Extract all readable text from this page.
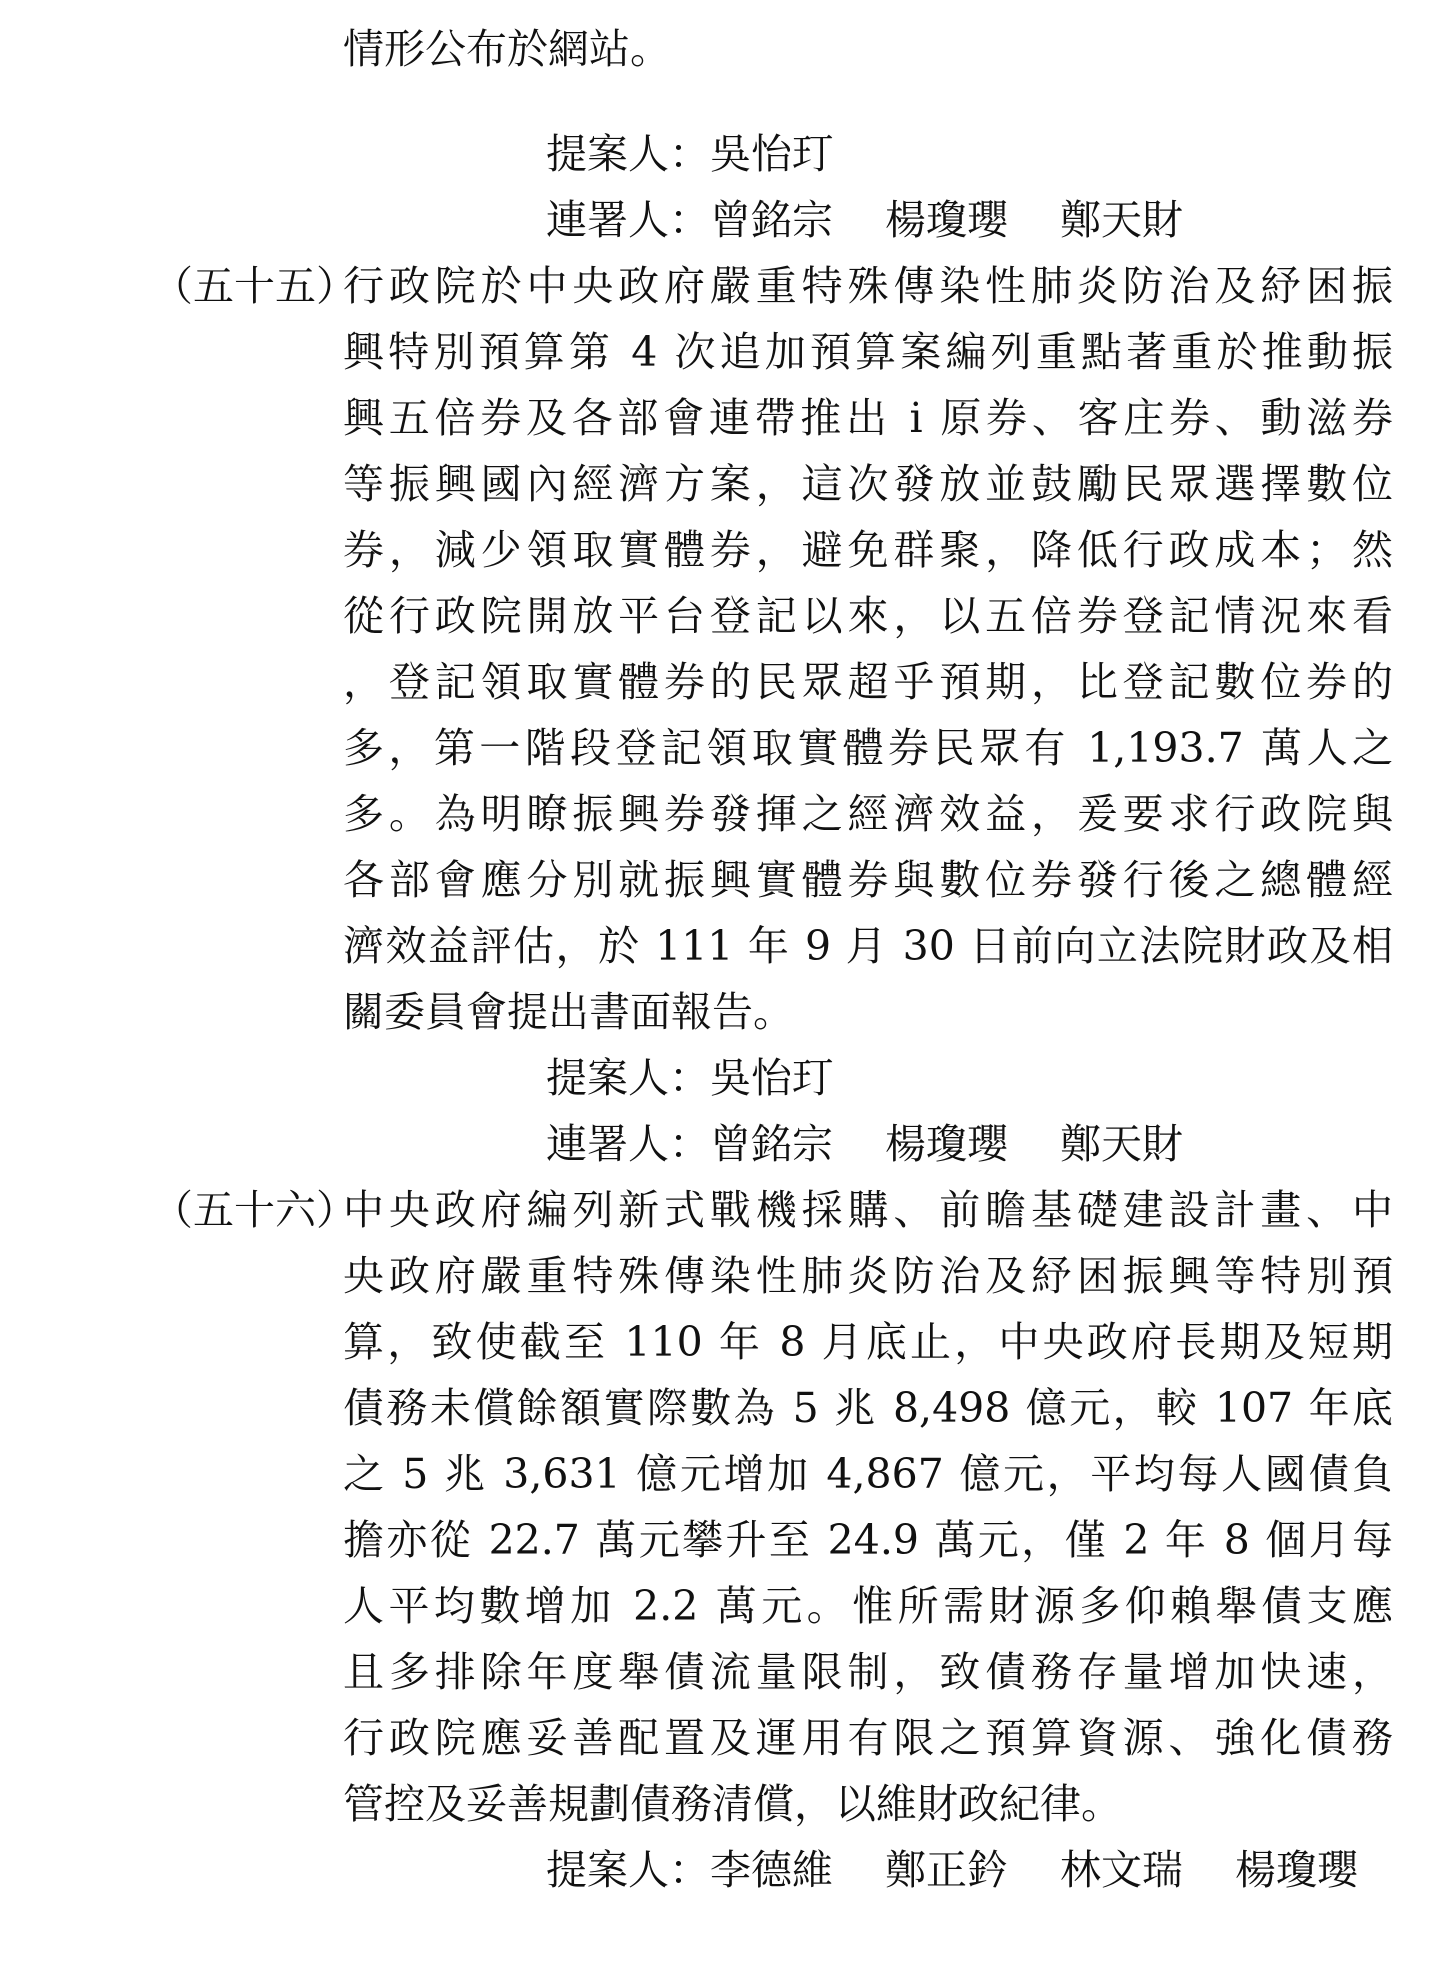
情形公布於網站。
提案人：吳怡玎
連署人：曾銘宗 楊瓊瓔 鄭天財
（五十五）
行政院於中央政府嚴重特殊傳染性肺炎防治及紓困振
興特別預算第 4 次追加預算案編列重點著重於推動振
興五倍券及各部會連帶推出 i 原券、客庄券、動滋券
等振興國內經濟方案，這次發放並鼓勵民眾選擇數位
券，減少領取實體券，避免群聚，降低行政成本；然
從行政院開放平台登記以來，以五倍券登記情況來看
，登記領取實體券的民眾超乎預期，比登記數位券的
多，第一階段登記領取實體券民眾有 1,193.7 萬人之
多。為明瞭振興券發揮之經濟效益，爰要求行政院與
各部會應分別就振興實體券與數位券發行後之總體經
濟效益評估，於 111 年 9 月 30 日前向立法院財政及相
關委員會提出書面報告。
提案人：吳怡玎
連署人：曾銘宗 楊瓊瓔 鄭天財
（五十六）
中央政府編列新式戰機採購、前瞻基礎建設計畫、中
央政府嚴重特殊傳染性肺炎防治及紓困振興等特別預
算，致使截至 110 年 8 月底止，中央政府長期及短期
債務未償餘額實際數為 5 兆 8,498 億元，較 107 年底
之 5 兆 3,631 億元增加 4,867 億元，平均每人國債負
擔亦從 22.7 萬元攀升至 24.9 萬元，僅 2 年 8 個月每
人平均數增加 2.2 萬元。惟所需財源多仰賴舉債支應
且多排除年度舉債流量限制，致債務存量增加快速，
行政院應妥善配置及運用有限之預算資源、強化債務
管控及妥善規劃債務清償，以維財政紀律。
提案人：李德維 鄭正鈐 林文瑞 楊瓊瓔
